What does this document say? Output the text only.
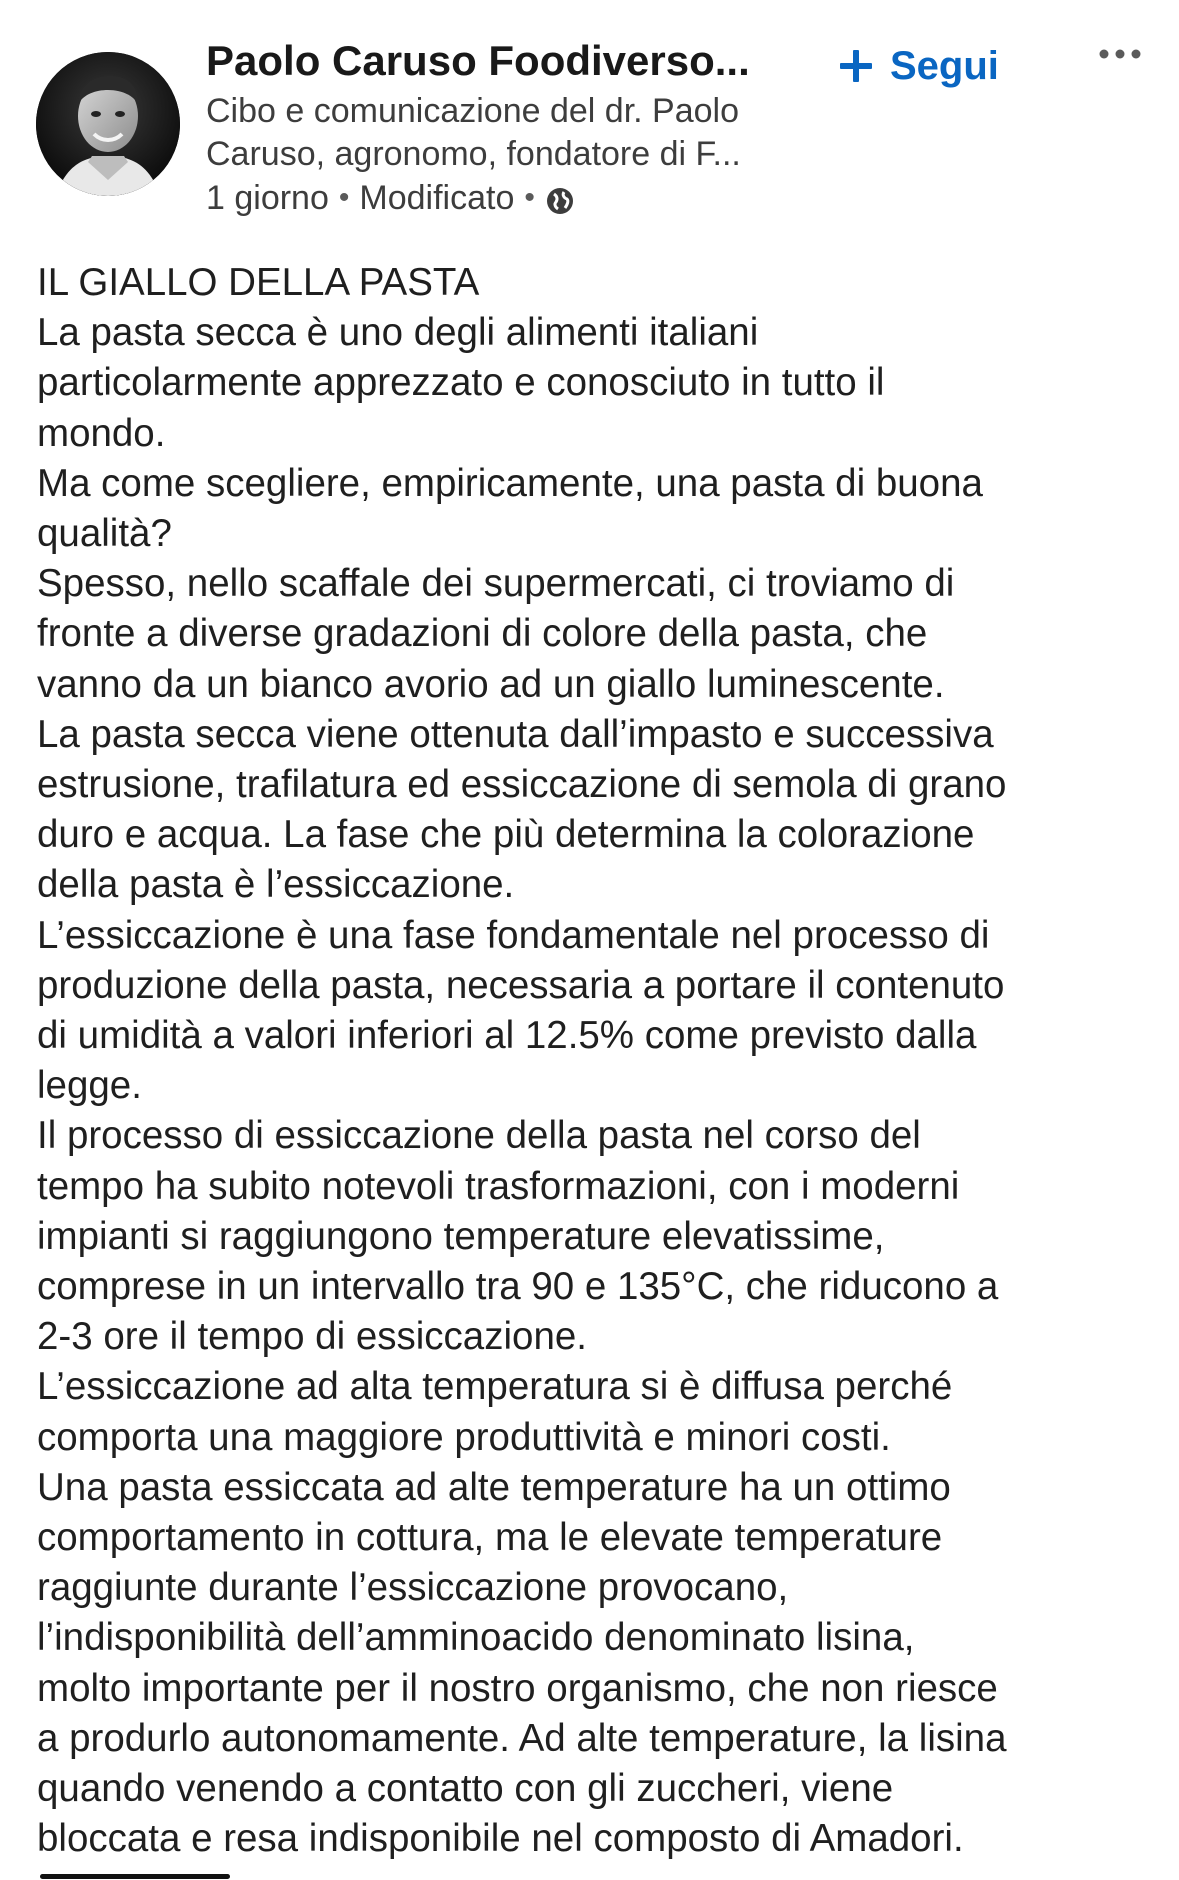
Paolo Caruso Foodiverso...
Cibo e comunicazione del dr. Paolo
Caruso, agronomo, fondatore di F...
1 giorno • Modificato •
Segui

IL GIALLO DELLA PASTA

La pasta secca è uno degli alimenti italiani

particolarmente apprezzato e conosciuto in tutto il

mondo.

Ma come scegliere, empiricamente, una pasta di buona

qualità?

Spesso, nello scaffale dei supermercati, ci troviamo di

fronte a diverse gradazioni di colore della pasta, che

vanno da un bianco avorio ad un giallo luminescente.

La pasta secca viene ottenuta dall’impasto e successiva

estrusione, trafilatura ed essiccazione di semola di grano

duro e acqua. La fase che più determina la colorazione

della pasta è l’essiccazione.

L’essiccazione è una fase fondamentale nel processo di

produzione della pasta, necessaria a portare il contenuto

di umidità a valori inferiori al 12.5% come previsto dalla

legge.

Il processo di essiccazione della pasta nel corso del

tempo ha subito notevoli trasformazioni, con i moderni

impianti si raggiungono temperature elevatissime,

comprese in un intervallo tra 90 e 135°C, che riducono a

2-3 ore il tempo di essiccazione.

L’essiccazione ad alta temperatura si è diffusa perché

comporta una maggiore produttività e minori costi.

Una pasta essiccata ad alte temperature ha un ottimo

comportamento in cottura, ma le elevate temperature

raggiunte durante l’essiccazione provocano,

l’indisponibilità dell’amminoacido denominato lisina,

molto importante per il nostro organismo, che non riesce

a produrlo autonomamente. Ad alte temperature, la lisina

quando venendo a contatto con gli zuccheri, viene

bloccata e resa indisponibile nel composto di Amadori.
